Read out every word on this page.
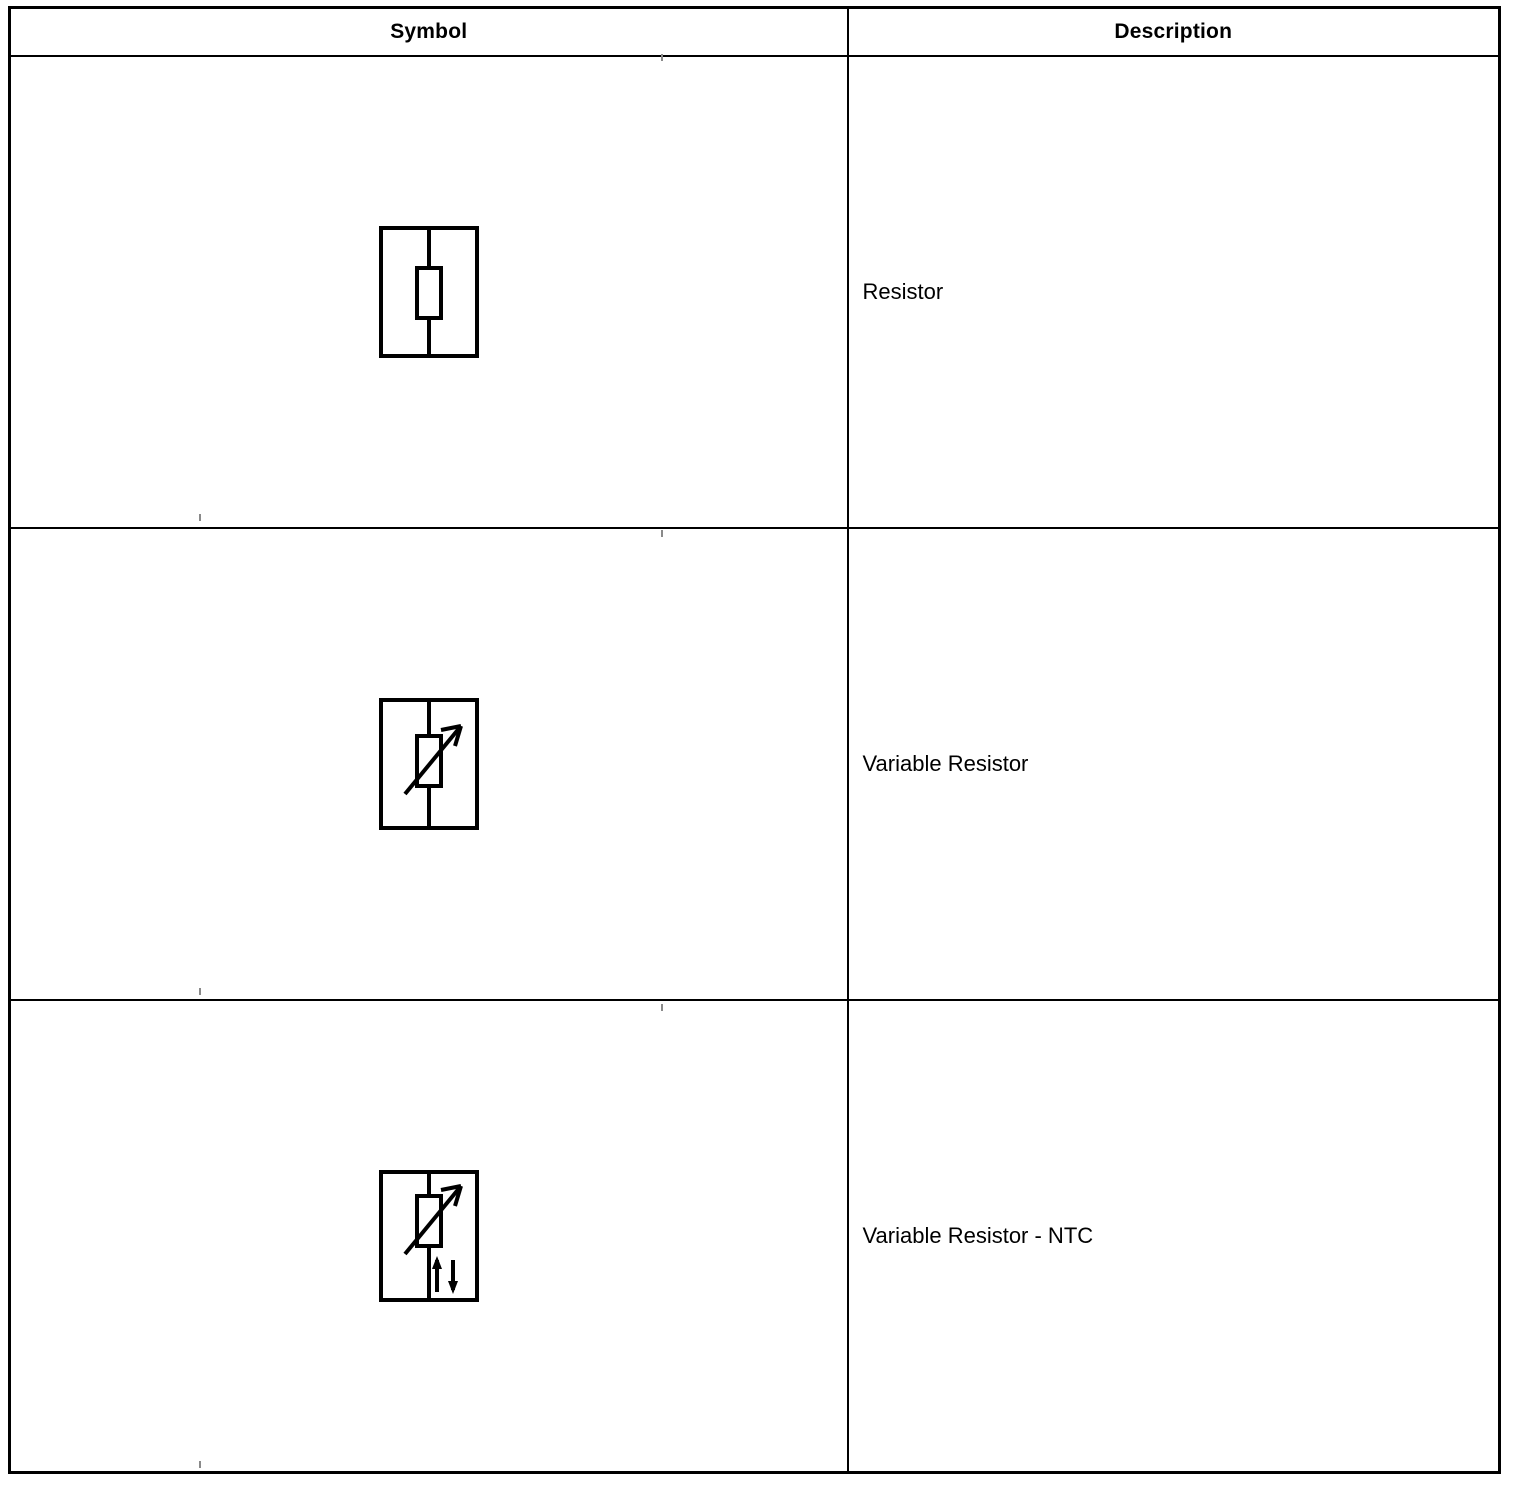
Symbol	Description

	Resistor

	Variable Resistor

	Variable Resistor - NTC
